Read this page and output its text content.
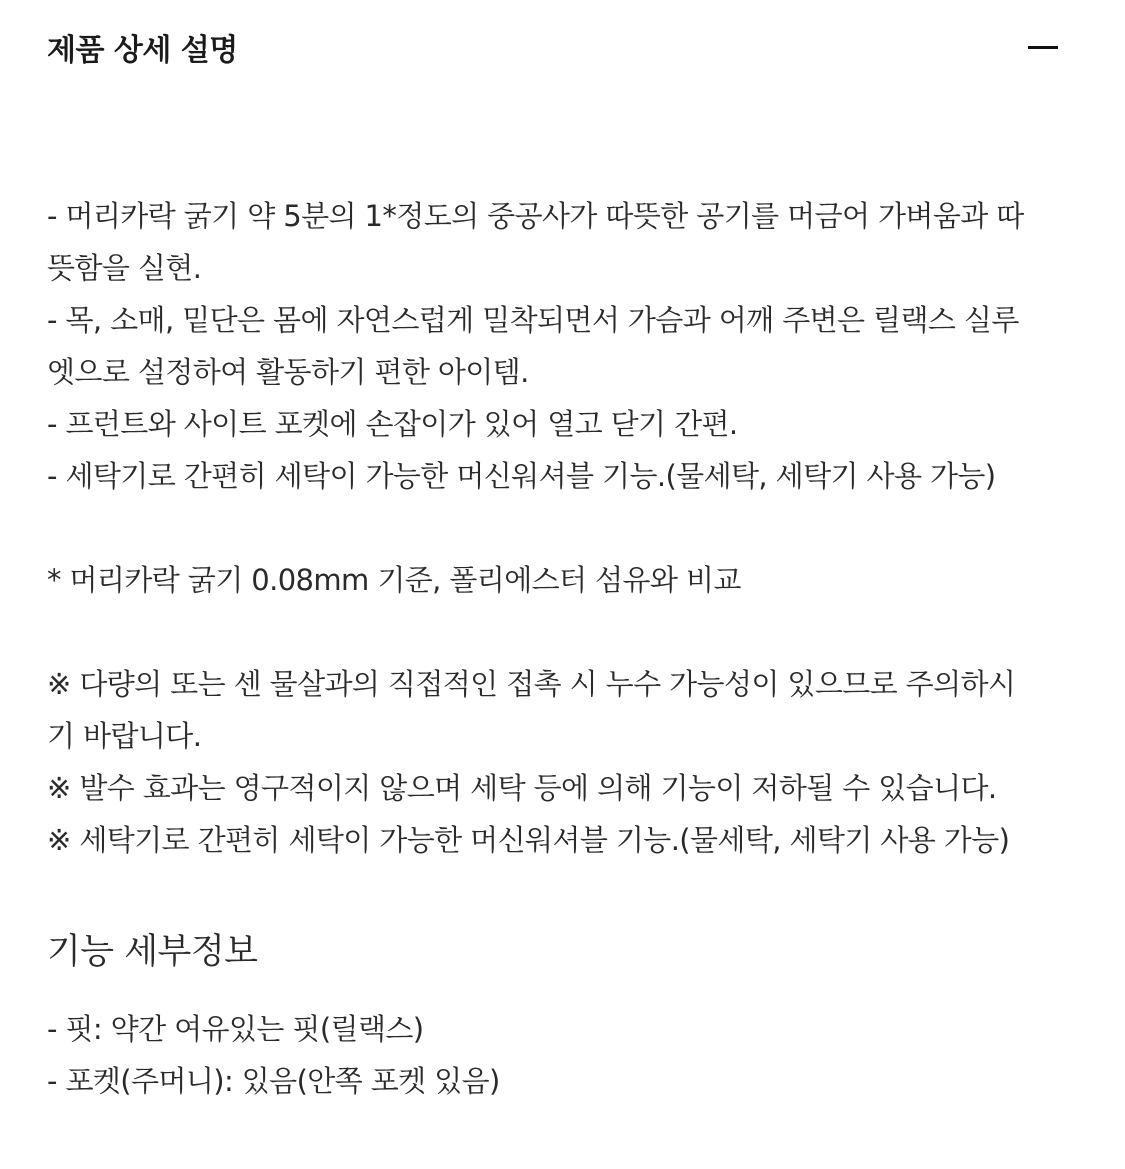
제품 상세 설명
- 머리카락 굵기 약 5분의 1*정도의 중공사가 따뜻한 공기를 머금어 가벼움과 따
뜻함을 실현.
- 목, 소매, 밑단은 몸에 자연스럽게 밀착되면서 가슴과 어깨 주변은 릴랙스 실루
엣으로 설정하여 활동하기 편한 아이템.
- 프런트와 사이트 포켓에 손잡이가 있어 열고 닫기 간편.
- 세탁기로 간편히 세탁이 가능한 머신워셔블 기능.(물세탁, 세탁기 사용 가능)
* 머리카락 굵기 0.08mm 기준, 폴리에스터 섬유와 비교
※ 다량의 또는 센 물살과의 직접적인 접촉 시 누수 가능성이 있으므로 주의하시
기 바랍니다.
※ 발수 효과는 영구적이지 않으며 세탁 등에 의해 기능이 저하될 수 있습니다.
※ 세탁기로 간편히 세탁이 가능한 머신워셔블 기능.(물세탁, 세탁기 사용 가능)
기능 세부정보
- 핏: 약간 여유있는 핏(릴랙스)
- 포켓(주머니): 있음(안쪽 포켓 있음)
